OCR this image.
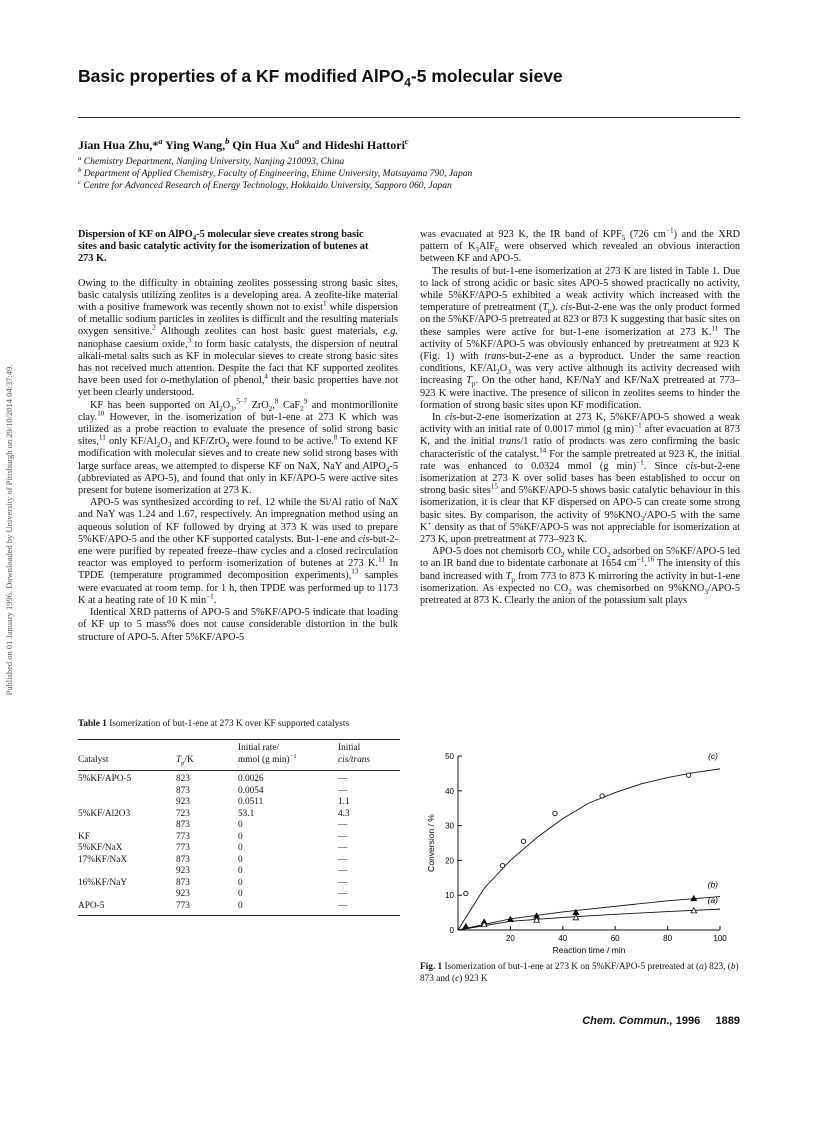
Published on 01 January 1996. Downloaded by University of Pittsburgh on 29/10/2014 04:37:49.
Basic properties of a KF modified AlPO$_4$-5 molecular sieve
Jian Hua Zhu,*$^a$ Ying Wang,$^b$ Qin Hua Xu$^a$ and Hideshi Hattori$^c$
$^a$ Chemistry Department, Nanjing University, Nanjing 210093, China
$^b$ Department of Applied Chemistry, Faculty of Engineering, Ehime University, Matsuyama 790, Japan
$^c$ Centre for Advanced Research of Energy Technology, Hokkaido University, Sapporo 060, Japan
Dispersion of KF on AlPO$_4$-5 molecular sieve creates strong basic sites and basic catalytic activity for the isomerization of butenes at 273 K.

Owing to the difficulty in obtaining zeolites possessing strong basic sites, basic catalysis utilizing zeolites is a developing area. A zeolite-like material with a positive framework was recently shown not to exist$^1$ while dispersion of metallic sodium particles in zeolites is difficult and the resulting materials oxygen sensitive.$^2$ Although zeolites can host basic guest materials, e.g. nanophase caesium oxide,$^3$ to form basic catalysts, the dispersion of neutral alkali-metal salts such as KF in molecular sieves to create strong basic sites has not received much attention. Despite the fact that KF supported zeolites have been used for o-methylation of phenol,$^4$ their basic properties have not yet been clearly understood.

KF has been supported on $Al_2O_3,^{5-7}$ ZrO$_2$,$^8$ CaF$_2^9$ and montmorillonite clay.$^{10}$ However, in the isomerization of but-1-ene at 273 K which was utilized as a probe reaction to evaluate the presence of solid strong basic sites,$^{11}$ only $KF/Al_2O_3$ and KF/ZrO$_2$ were found to be active.$^8$ To extend KF modification with molecular sieves and to create new solid strong bases with large surface areas, we attempted to disperse KF on NaX, NaY and AlPO$_4$-5 (abbreviated as APO-5), and found that only in KF/APO-5 were active sites present for butene isomerization at 273 K.

APO-5 was synthesized according to ref. 12 while the Si/Al ratio of NaX and NaY was 1.24 and 1.67, respectively. An impregnation method using an aqueous solution of KF followed by drying at 373 K was used to prepare 5%KF/APO-5 and the other KF supported catalysts. But-1-ene and cis-but-2-ene were purified by repeated freeze–thaw cycles and a closed recirculation reactor was employed to perform isomerization of butenes at 273 K.$^{11}$ In TPDE (temperature programmed decomposition experiments),$^{13}$ samples were evacuated at room temp. for 1 h, then TPDE was performed up to 1173 K at a heating rate of 10 K $\min^{-1}$.

Identical XRD patterns of APO-5 and 5%KF/APO-5 indicate that loading of KF up to 5 mass% does not cause considerable distortion in the bulk structure of APO-5. After 5%KF/APO-5

Table 1 Isomerization of but-1-ene at 273 K over KF supported catalysts
Catalyst	$T_p/K$	Initial rate/
mmol (g min)$^{-1}$	Initial
cis/trans
5%KF/APO-5	823	0.0026	—
	873	0.0054	—
	923	0.0511	1.1
5%KF/Al2O3	723	53.1	4.3
	873	0	—
KF	773	0	—
5%KF/NaX	773	0	—
17%KF/NaX	873	0	—
	923	0	—
16%KF/NaY	873	0	—
	923	0	—
APO-5	773	0	—

was evacuated at 923 K, the IR band of $KPF_5$ (726 $cm^{-1}$) and the XRD pattern of $K_3AlF_6$ were observed which revealed an obvious interaction between KF and APO-5.

The results of but-1-ene isomerization at 273 K are listed in Table 1. Due to lack of strong acidic or basic sites APO-5 showed practically no activity, while 5%KF/APO-5 exhibited a weak activity which increased with the temperature of pretreatment $(T_p)$. cis-But-2-ene was the only product formed on the 5%KF/APO-5 pretreated at 823 or 873 K suggesting that basic sites on these samples were active for but-1-ene isomerization at 273 K.$^{11}$ The activity of 5%KF/APO-5 was obviously enhanced by pretreatment at 923 K (Fig. 1) with trans-but-2-ene as a byproduct. Under the same reaction conditions, $KF/Al_2O_3$ was very active although its activity decreased with increasing $T_p$. On the other hand, KF/NaY and KF/NaX pretreated at 773–923 K were inactive. The presence of silicon in zeolites seems to hinder the formation of strong basic sites upon KF modification.

In cis-but-2-ene isomerization at 273 K, 5%KF/APO-5 showed a weak activity with an initial rate of 0.0017 mmol (g min)$^{-1}$ after evacuation at 873 K, and the initial trans/1 ratio of products was zero confirming the basic characteristic of the catalyst.$^{14}$ For the sample pretreated at 923 K, the initial rate was enhanced to 0.0324 mmol (g min)$^{-1}$. Since cis-but-2-ene isomerization at 273 K over solid bases has been established to occur on strong basic sites$^{15}$ and 5%KF/APO-5 shows basic catalytic behaviour in this isomerization, it is clear that KF dispersed on APO-5 can create some strong basic sites. By comparison, the activity of $9\%KNO_3/APO-5$ with the same K+ density as that of 5%KF/APO-5 was not appreciable for isomerization at 273 K, upon pretreatment at 773–923 K.

APO-5 does not chemisorb $CO_2$ while $CO_2$ adsorbed on 5%KF/APO-5 led to an IR band due to bidentate carbonate at 1654 $cm^{-1}.^{16}$ The intensity of this band increased with $T_p$ from 773 to 873 K mirroring the activity in but-1-ene isomerization. As expected no $CO_2$ was chemisorbed on $9\%KNO_3/APO-5$ pretreated at 873 K. Clearly the anion of the potassium salt plays

20	40	60	80	100
0
10
20
30
40
50
Reaction time / min
Conversion / %
(c)
(b)
(a)
Fig. 1 Isomerization of but-1-ene at 273 K on 5%KF/APO-5 pretreated at (a) 823, (b) 873 and (c) 923 K
Chem. Commun., 1996 1889
